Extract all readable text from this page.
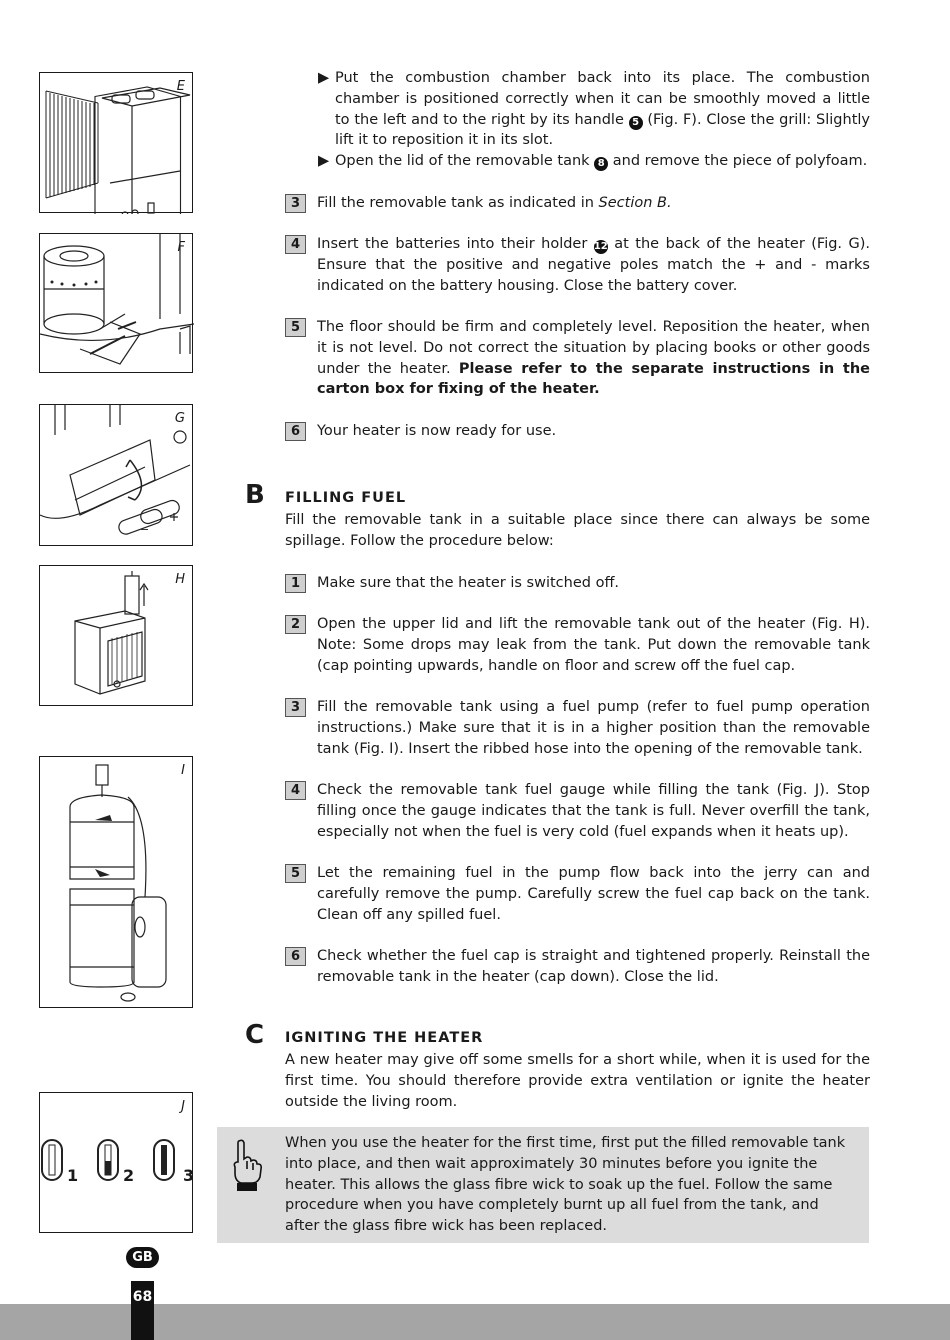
E
F
G
−
H
I
J
1	2	3
▶ Put the combustion chamber back into its place. The combustion chamber is positioned correctly when it can be smoothly moved a little to the left and to the right by its handle 5 (Fig. F). Close the grill: Slightly lift it to reposition it in its slot.
▶ Open the lid of the removable tank 8 and remove the piece of polyfoam.
3	Fill the removable tank as indicated in Section B.
4	Insert the batteries into their holder 12 at the back of the heater (Fig. G). Ensure that the positive and negative poles match the + and - marks indicated on the battery housing. Close the battery cover.
5	The floor should be firm and completely level. Reposition the heater, when it is not level. Do not correct the situation by placing books or other goods under the heater. Please refer to the separate instructions in the carton box for fixing of the heater.
6	Your heater is now ready for use.
B FILLING FUEL
Fill the removable tank in a suitable place since there can always be some spillage. Follow the procedure below:
1	Make sure that the heater is switched off.
2	Open the upper lid and lift the removable tank out of the heater (Fig. H). Note: Some drops may leak from the tank. Put down the removable tank (cap pointing upwards, handle on floor and screw off the fuel cap.
3	Fill the removable tank using a fuel pump (refer to fuel pump operation instructions.) Make sure that it is in a higher position than the removable tank (Fig. I). Insert the ribbed hose into the opening of the removable tank.
4	Check the removable tank fuel gauge while filling the tank (Fig. J). Stop filling once the gauge indicates that the tank is full. Never overfill the tank, especially not when the fuel is very cold (fuel expands when it heats up).
5	Let the remaining fuel in the pump flow back into the jerry can and carefully remove the pump. Carefully screw the fuel cap back on the tank. Clean off any spilled fuel.
6	Check whether the fuel cap is straight and tightened properly. Reinstall the removable tank in the heater (cap down). Close the lid.
C IGNITING THE HEATER
A new heater may give off some smells for a short while, when it is used for the first time. You should therefore provide extra ventilation or ignite the heater outside the living room.
When you use the heater for the first time, first put the filled removable tank into place, and then wait approximately 30 minutes before you ignite the heater. This allows the glass fibre wick to soak up the fuel. Follow the same procedure when you have completely burnt up all fuel from the tank, and after the glass fibre wick has been replaced.
GB
68
